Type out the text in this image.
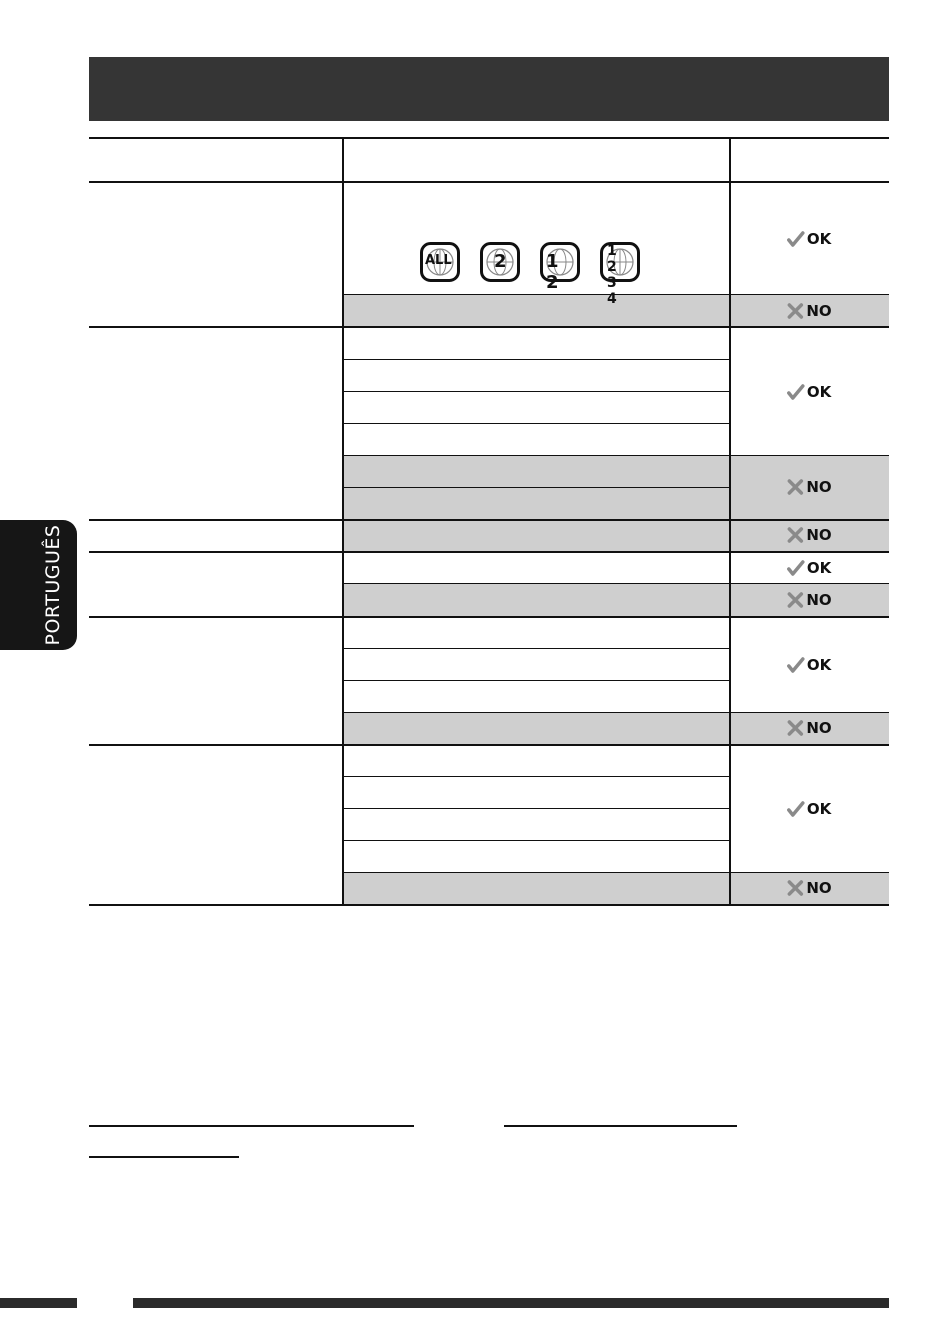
PORTUGUÊS
ALL 2 1 2
1 2 3 4
OK
OK
OK
OK
OK
NO
NO
NO
NO
NO
NO
